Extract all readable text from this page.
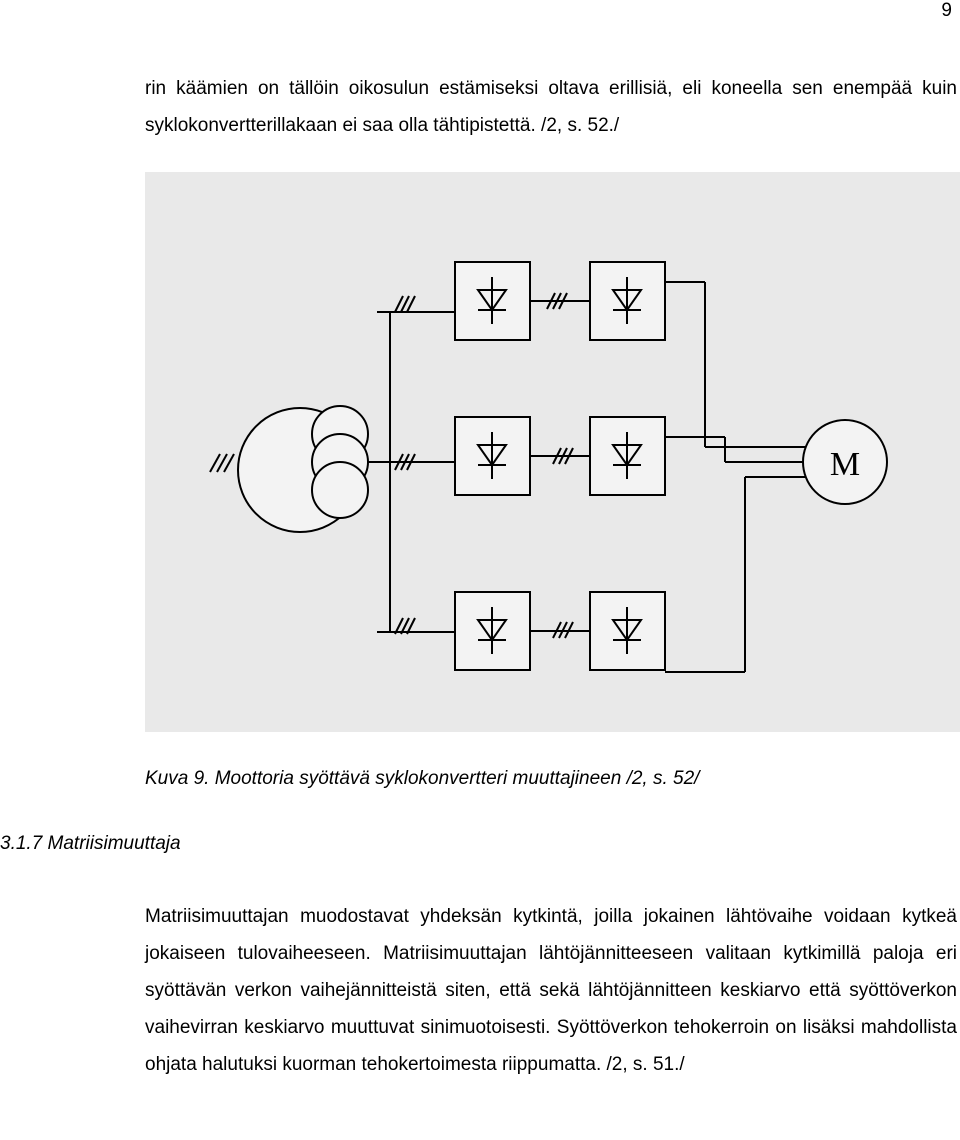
9

rin käämien on tällöin oikosulun estämiseksi oltava erillisiä, eli koneella sen enempää kuin syklokonvertterillakaan ei saa olla tähtipistettä. /2, s. 52./

M
Kuva 9. Moottoria syöttävä syklokonvertteri muuttajineen /2, s. 52/
3.1.7 Matriisimuuttaja

Matriisimuuttajan muodostavat yhdeksän kytkintä, joilla jokainen lähtövaihe voidaan kytkeä jokaiseen tulovaiheeseen. Matriisimuuttajan lähtöjännitteeseen valitaan kytkimillä paloja eri syöttävän verkon vaihejännitteistä siten, että sekä lähtöjännitteen keskiarvo että syöttöverkon vaihevirran keskiarvo muuttuvat sinimuotoisesti. Syöttöverkon tehokerroin on lisäksi mahdollista ohjata halutuksi kuorman tehokertoimesta riippumatta. /2, s. 51./
